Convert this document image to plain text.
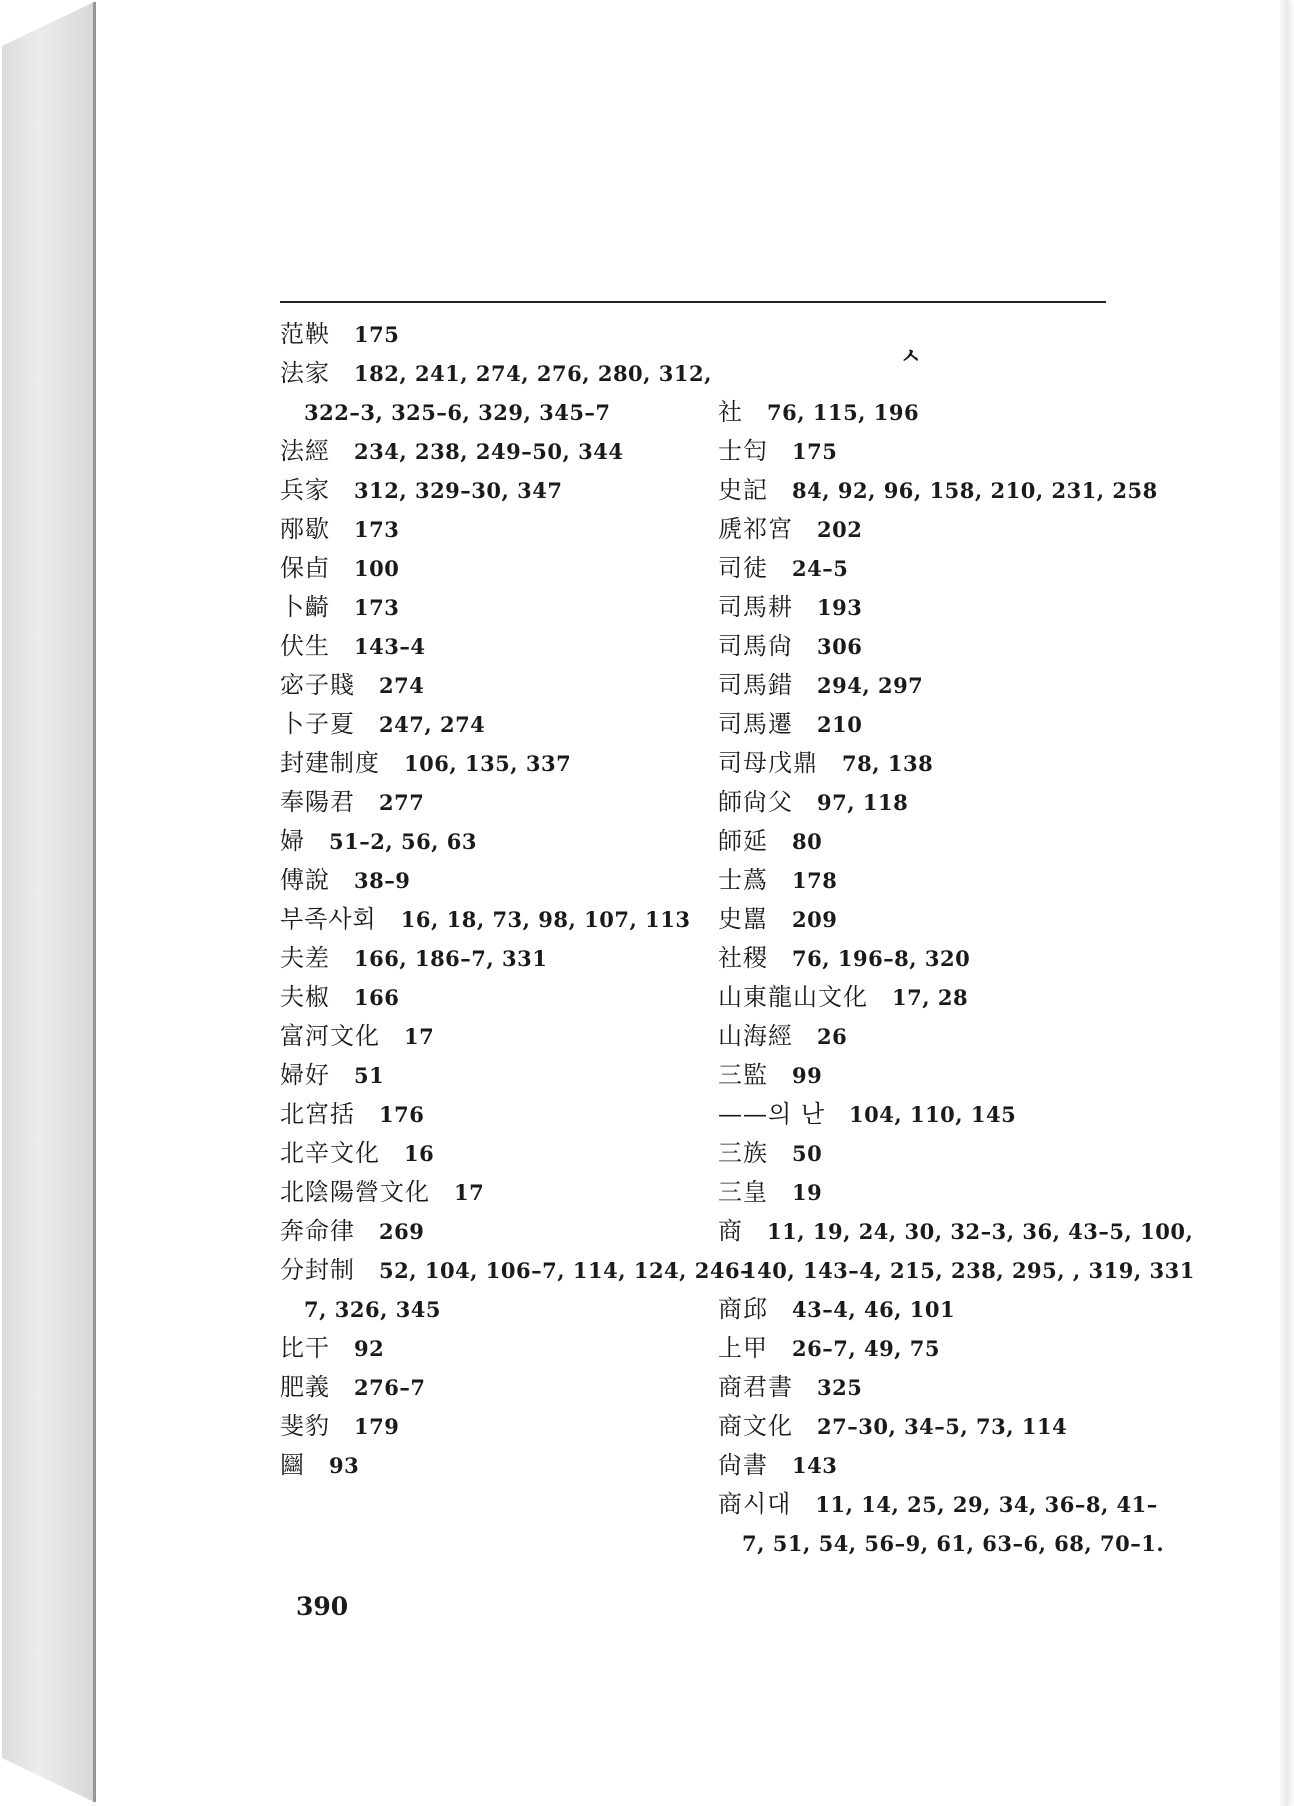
ㅅ
范鞅 175
法家 182, 241, 274, 276, 280, 312,
322–3, 325–6, 329, 345–7
法經 234, 238, 249–50, 344
兵家 312, 329–30, 347
邴歇 173
保卣 100
卜齮 173
伏生 143–4
宓子賤 274
卜子夏 247, 274
封建制度 106, 135, 337
奉陽君 277
婦 51–2, 56, 63
傅說 38–9
부족사회 16, 18, 73, 98, 107, 113
夫差 166, 186–7, 331
夫椒 166
富河文化 17
婦好 51
北宮括 176
北辛文化 16
北陰陽營文化 17
奔命律 269
分封制 52, 104, 106–7, 114, 124, 246–
7, 326, 345
比干 92
肥義 276–7
斐豹 179
圝 93
社 76, 115, 196
士匄 175
史記 84, 92, 96, 158, 210, 231, 258
虒祁宮 202
司徒 24–5
司馬耕 193
司馬尙 306
司馬錯 294, 297
司馬遷 210
司母戊鼎 78, 138
師尙父 97, 118
師延 80
士蔿 178
史嚚 209
社稷 76, 196–8, 320
山東龍山文化 17, 28
山海經 26
三監 99
——의 난 104, 110, 145
三族 50
三皇 19
商 11, 19, 24, 30, 32–3, 36, 43–5, 100,
140, 143–4, 215, 238, 295, , 319, 331
商邱 43–4, 46, 101
上甲 26–7, 49, 75
商君書 325
商文化 27–30, 34–5, 73, 114
尙書 143
商시대 11, 14, 25, 29, 34, 36–8, 41–
7, 51, 54, 56–9, 61, 63–6, 68, 70–1.
390
